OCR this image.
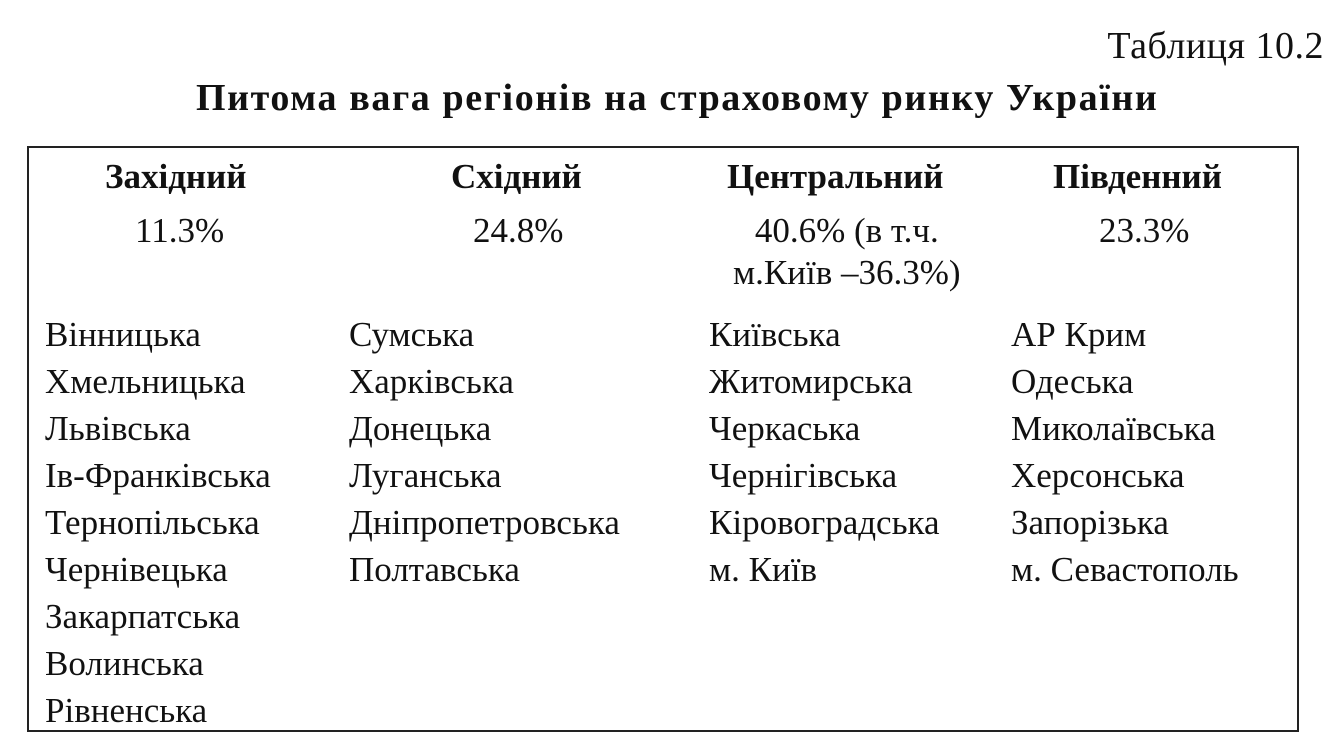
Таблиця 10.2
Питома вага регіонів на страховому ринку України
Західний
11.3%
Вінницька
Хмельницька
Львівська
Ів-Франківська
Тернопільська
Чернівецька
Закарпатська
Волинська
Рівненська
Східний
24.8%
Сумська
Харківська
Донецька
Луганська
Дніпропетровська
Полтавська
Центральний
40.6% (в т.ч.
м.Київ –36.3%)
Київська
Житомирська
Черкаська
Чернігівська
Кіровоградська
м. Київ
Південний
23.3%
АР Крим
Одеська
Миколаївська
Херсонська
Запорізька
м. Севастополь
